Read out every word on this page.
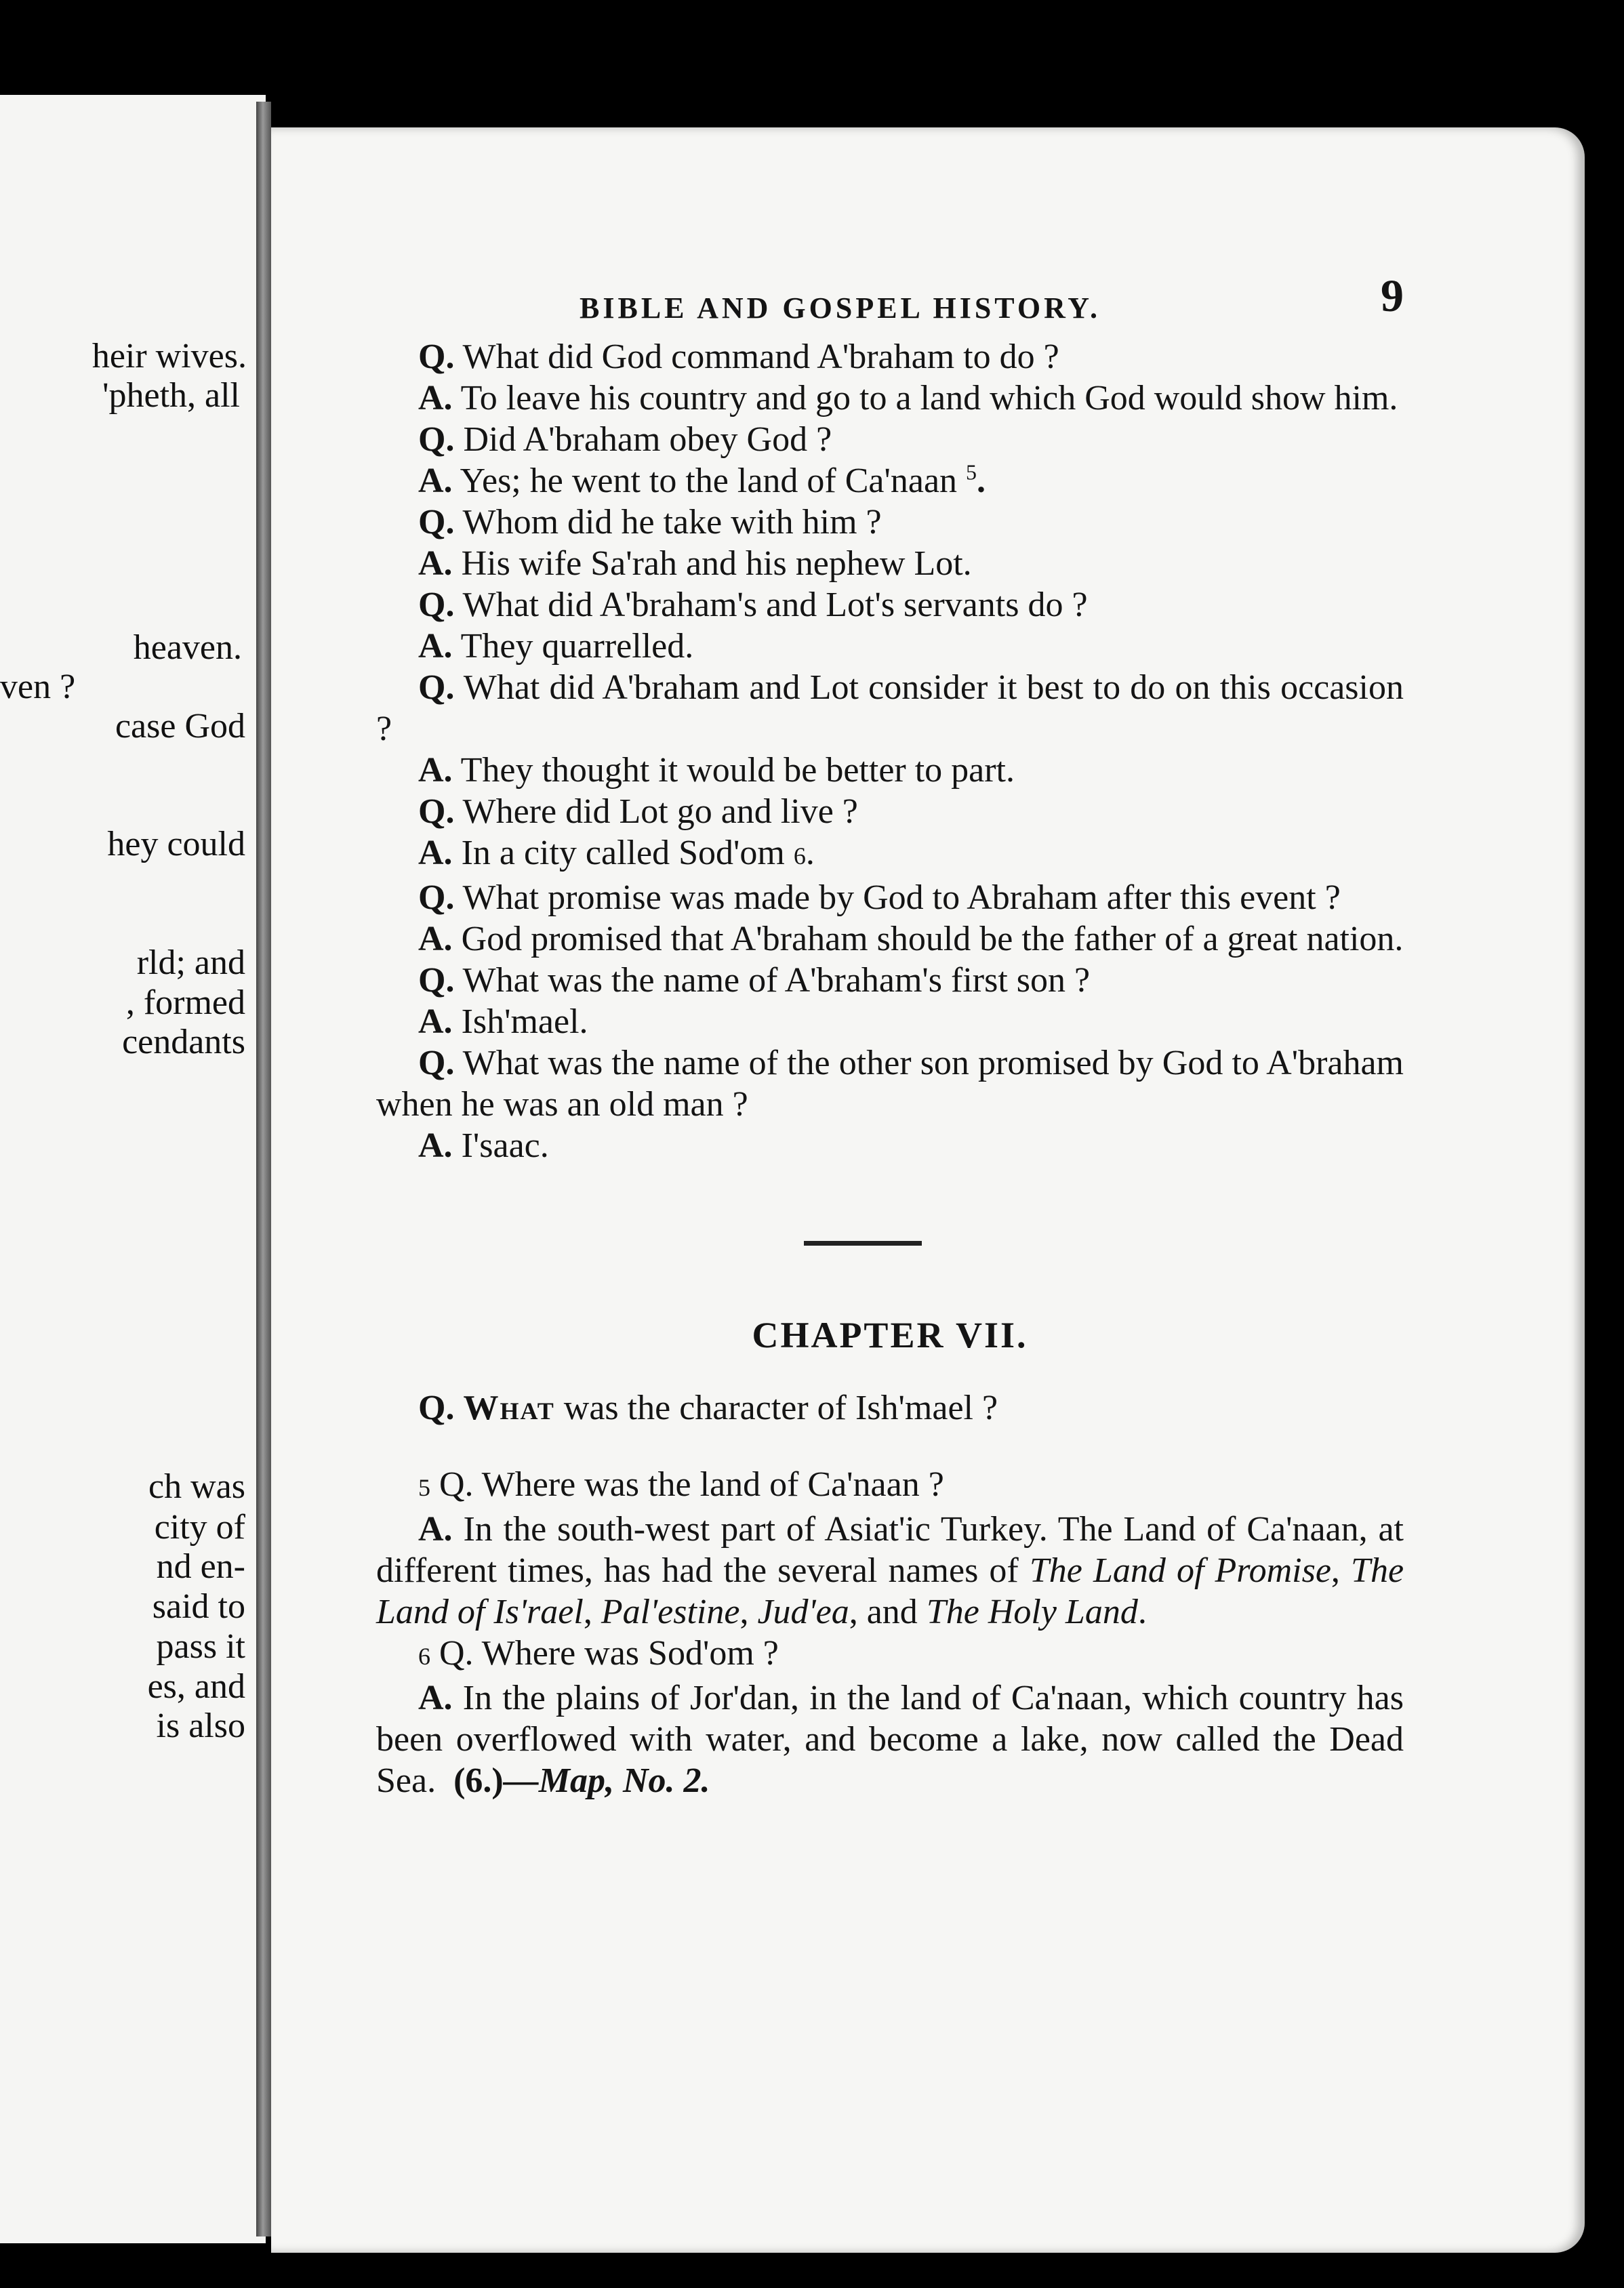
heir wives.
'pheth, all
heaven.
ven ?
case God
hey could
rld; and
, formed
cendants
ch was
city of
nd en-
said to
pass it
es, and
is also
BIBLE AND GOSPEL HISTORY.	9

Q. What did God command A'braham to do ?

A. To leave his country and go to a land which God would show him.

Q. Did A'braham obey God ?

A. Yes; he went to the land of Ca'naan $^5$.

Q. Whom did he take with him ?

A. His wife Sa'rah and his nephew Lot.

Q. What did A'braham's and Lot's servants do ?

A. They quarrelled.

Q. What did A'braham and Lot consider it best to do on this occasion ?

A. They thought it would be better to part.

Q. Where did Lot go and live ?

A. In a city called Sod'om 6.

Q. What promise was made by God to Abraham after this event ?

A. God promised that A'braham should be the father of a great nation.

Q. What was the name of A'braham's first son ?

A. Ish'mael.

Q. What was the name of the other son promised by God to A'braham when he was an old man ?

A. I'saac.

CHAPTER VII.

Q. What was the character of Ish'mael ?

5 Q. Where was the land of Ca'naan ?

A. In the south-west part of Asiat'ic Turkey. The Land of Ca'naan, at different times, has had the several names of The Land of Promise, The Land of Is'rael, Pal'estine, Jud'ea, and The Holy Land.

6 Q. Where was Sod'om ?

A. In the plains of Jor'dan, in the land of Ca'naan, which country has been overflowed with water, and become a lake, now called the Dead Sea. (6.)—Map, No. 2.
